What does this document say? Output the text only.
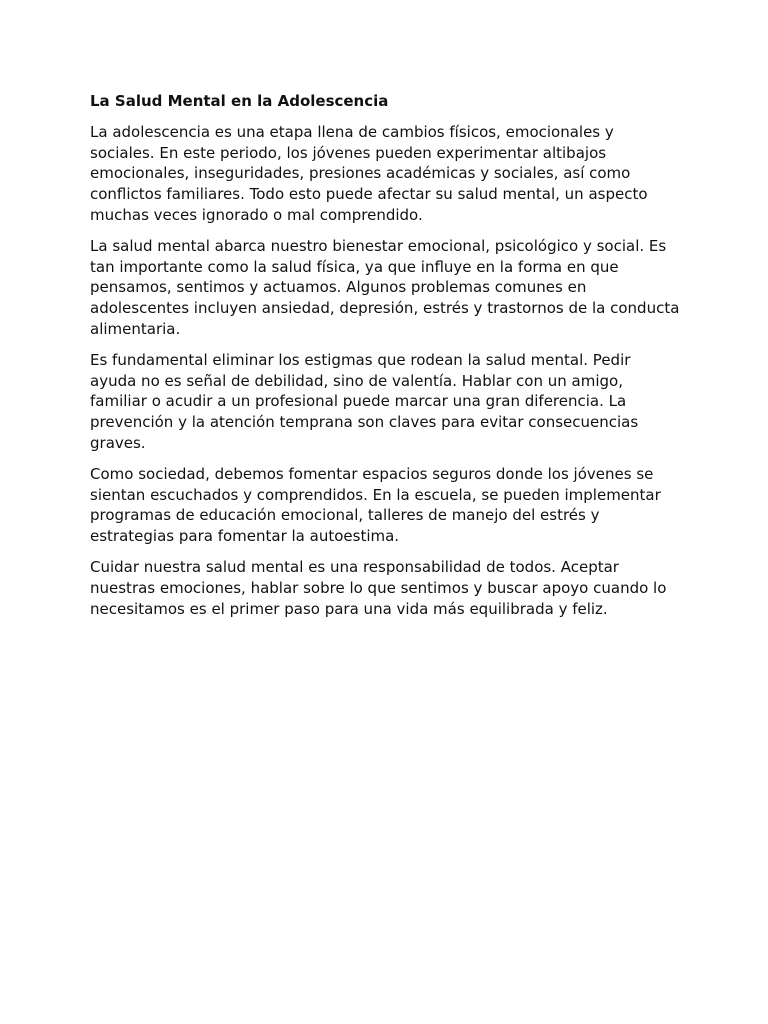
La Salud Mental en la Adolescencia

La adolescencia es una etapa llena de cambios físicos, emocionales y sociales. En este periodo, los jóvenes pueden experimentar altibajos emocionales, inseguridades, presiones académicas y sociales, así como conflictos familiares. Todo esto puede afectar su salud mental, un aspecto muchas veces ignorado o mal comprendido.

La salud mental abarca nuestro bienestar emocional, psicológico y social. Es tan importante como la salud física, ya que influye en la forma en que pensamos, sentimos y actuamos. Algunos problemas comunes en adolescentes incluyen ansiedad, depresión, estrés y trastornos de la conducta alimentaria.

Es fundamental eliminar los estigmas que rodean la salud mental. Pedir ayuda no es señal de debilidad, sino de valentía. Hablar con un amigo, familiar o acudir a un profesional puede marcar una gran diferencia. La prevención y la atención temprana son claves para evitar consecuencias graves.

Como sociedad, debemos fomentar espacios seguros donde los jóvenes se sientan escuchados y comprendidos. En la escuela, se pueden implementar programas de educación emocional, talleres de manejo del estrés y estrategias para fomentar la autoestima.

Cuidar nuestra salud mental es una responsabilidad de todos. Aceptar nuestras emociones, hablar sobre lo que sentimos y buscar apoyo cuando lo necesitamos es el primer paso para una vida más equilibrada y feliz.
